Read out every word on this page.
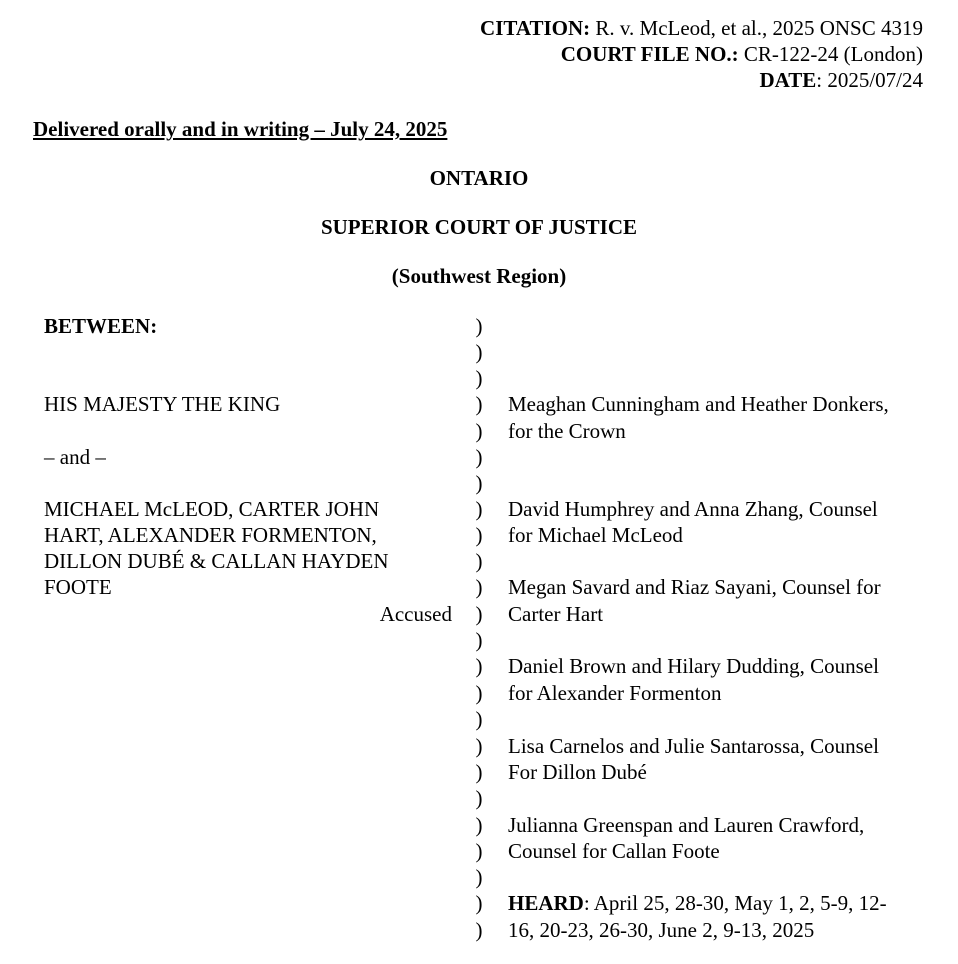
CITATION: R. v. McLeod, et al., 2025 ONSC 4319
COURT FILE NO.: CR-122-24 (London)
DATE: 2025/07/24
Delivered orally and in writing – July 24, 2025
ONTARIO
SUPERIOR COURT OF JUSTICE
(Southwest Region)
BETWEEN:
HIS MAJESTY THE KING
– and –
MICHAEL McLEOD, CARTER JOHN
HART, ALEXANDER FORMENTON,
DILLON DUBÉ & CALLAN HAYDEN
FOOTE
Accused
)
)
)
)
)
)
)
)
)
)
)
)
)
)
)
)
)
)
)
)
)
)
)
)
Meaghan Cunningham and Heather Donkers,
for the Crown
David Humphrey and Anna Zhang, Counsel
for Michael McLeod
Megan Savard and Riaz Sayani, Counsel for
Carter Hart
Daniel Brown and Hilary Dudding, Counsel
for Alexander Formenton
Lisa Carnelos and Julie Santarossa, Counsel
For Dillon Dubé
Julianna Greenspan and Lauren Crawford,
Counsel for Callan Foote
HEARD: April 25, 28-30, May 1, 2, 5-9, 12-
16, 20-23, 26-30, June 2, 9-13, 2025
